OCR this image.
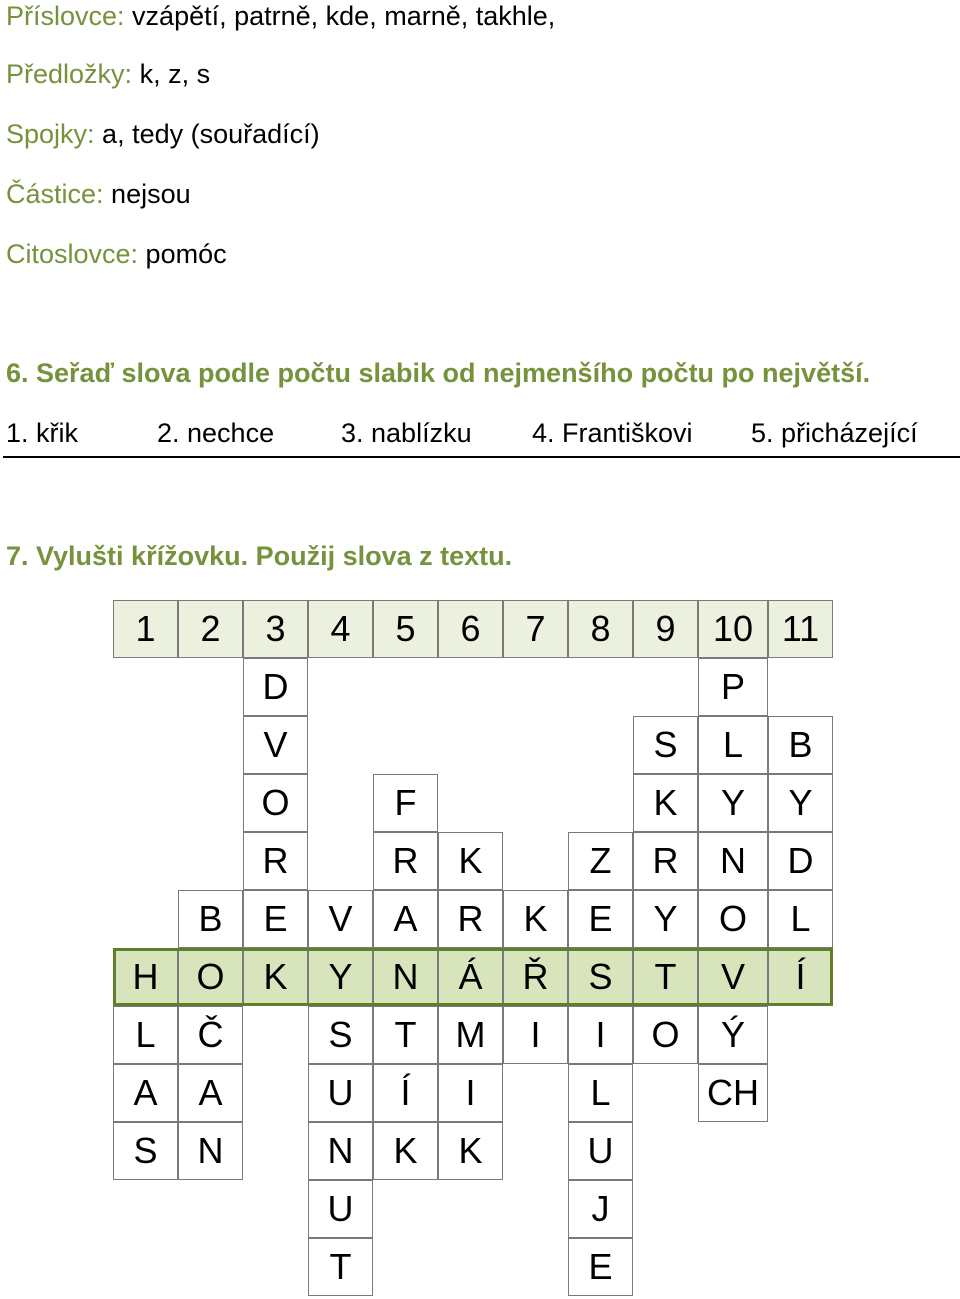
Příslovce: vzápětí, patrně, kde, marně, takhle,
Předložky: k, z, s
Spojky: a, tedy (souřadící)
Částice: nejsou
Citoslovce: pomóc
6. Seřaď slova podle počtu slabik od nejmenšího počtu po největší.
1. křik	2. nechce 3. nablízku 4. Františkovi 5. přicházející
7. Vylušti křížovku. Použij slova z textu.
1
H
L
A
S
2
B
O
Č
A
N
3
D
V
O
R
E
K
4
V
Y
S
U
N
U
T
5
F
R
A
N
T
Í
K
6
K
R
Á
M
I
K
7
K
Ř
I
8
Z
E
S
I
L
U
J
E
9
S
K
R
Y
T
O
10
P
L
Y
N
O
V
Ý
CH
11
B
Y
D
L
Í
